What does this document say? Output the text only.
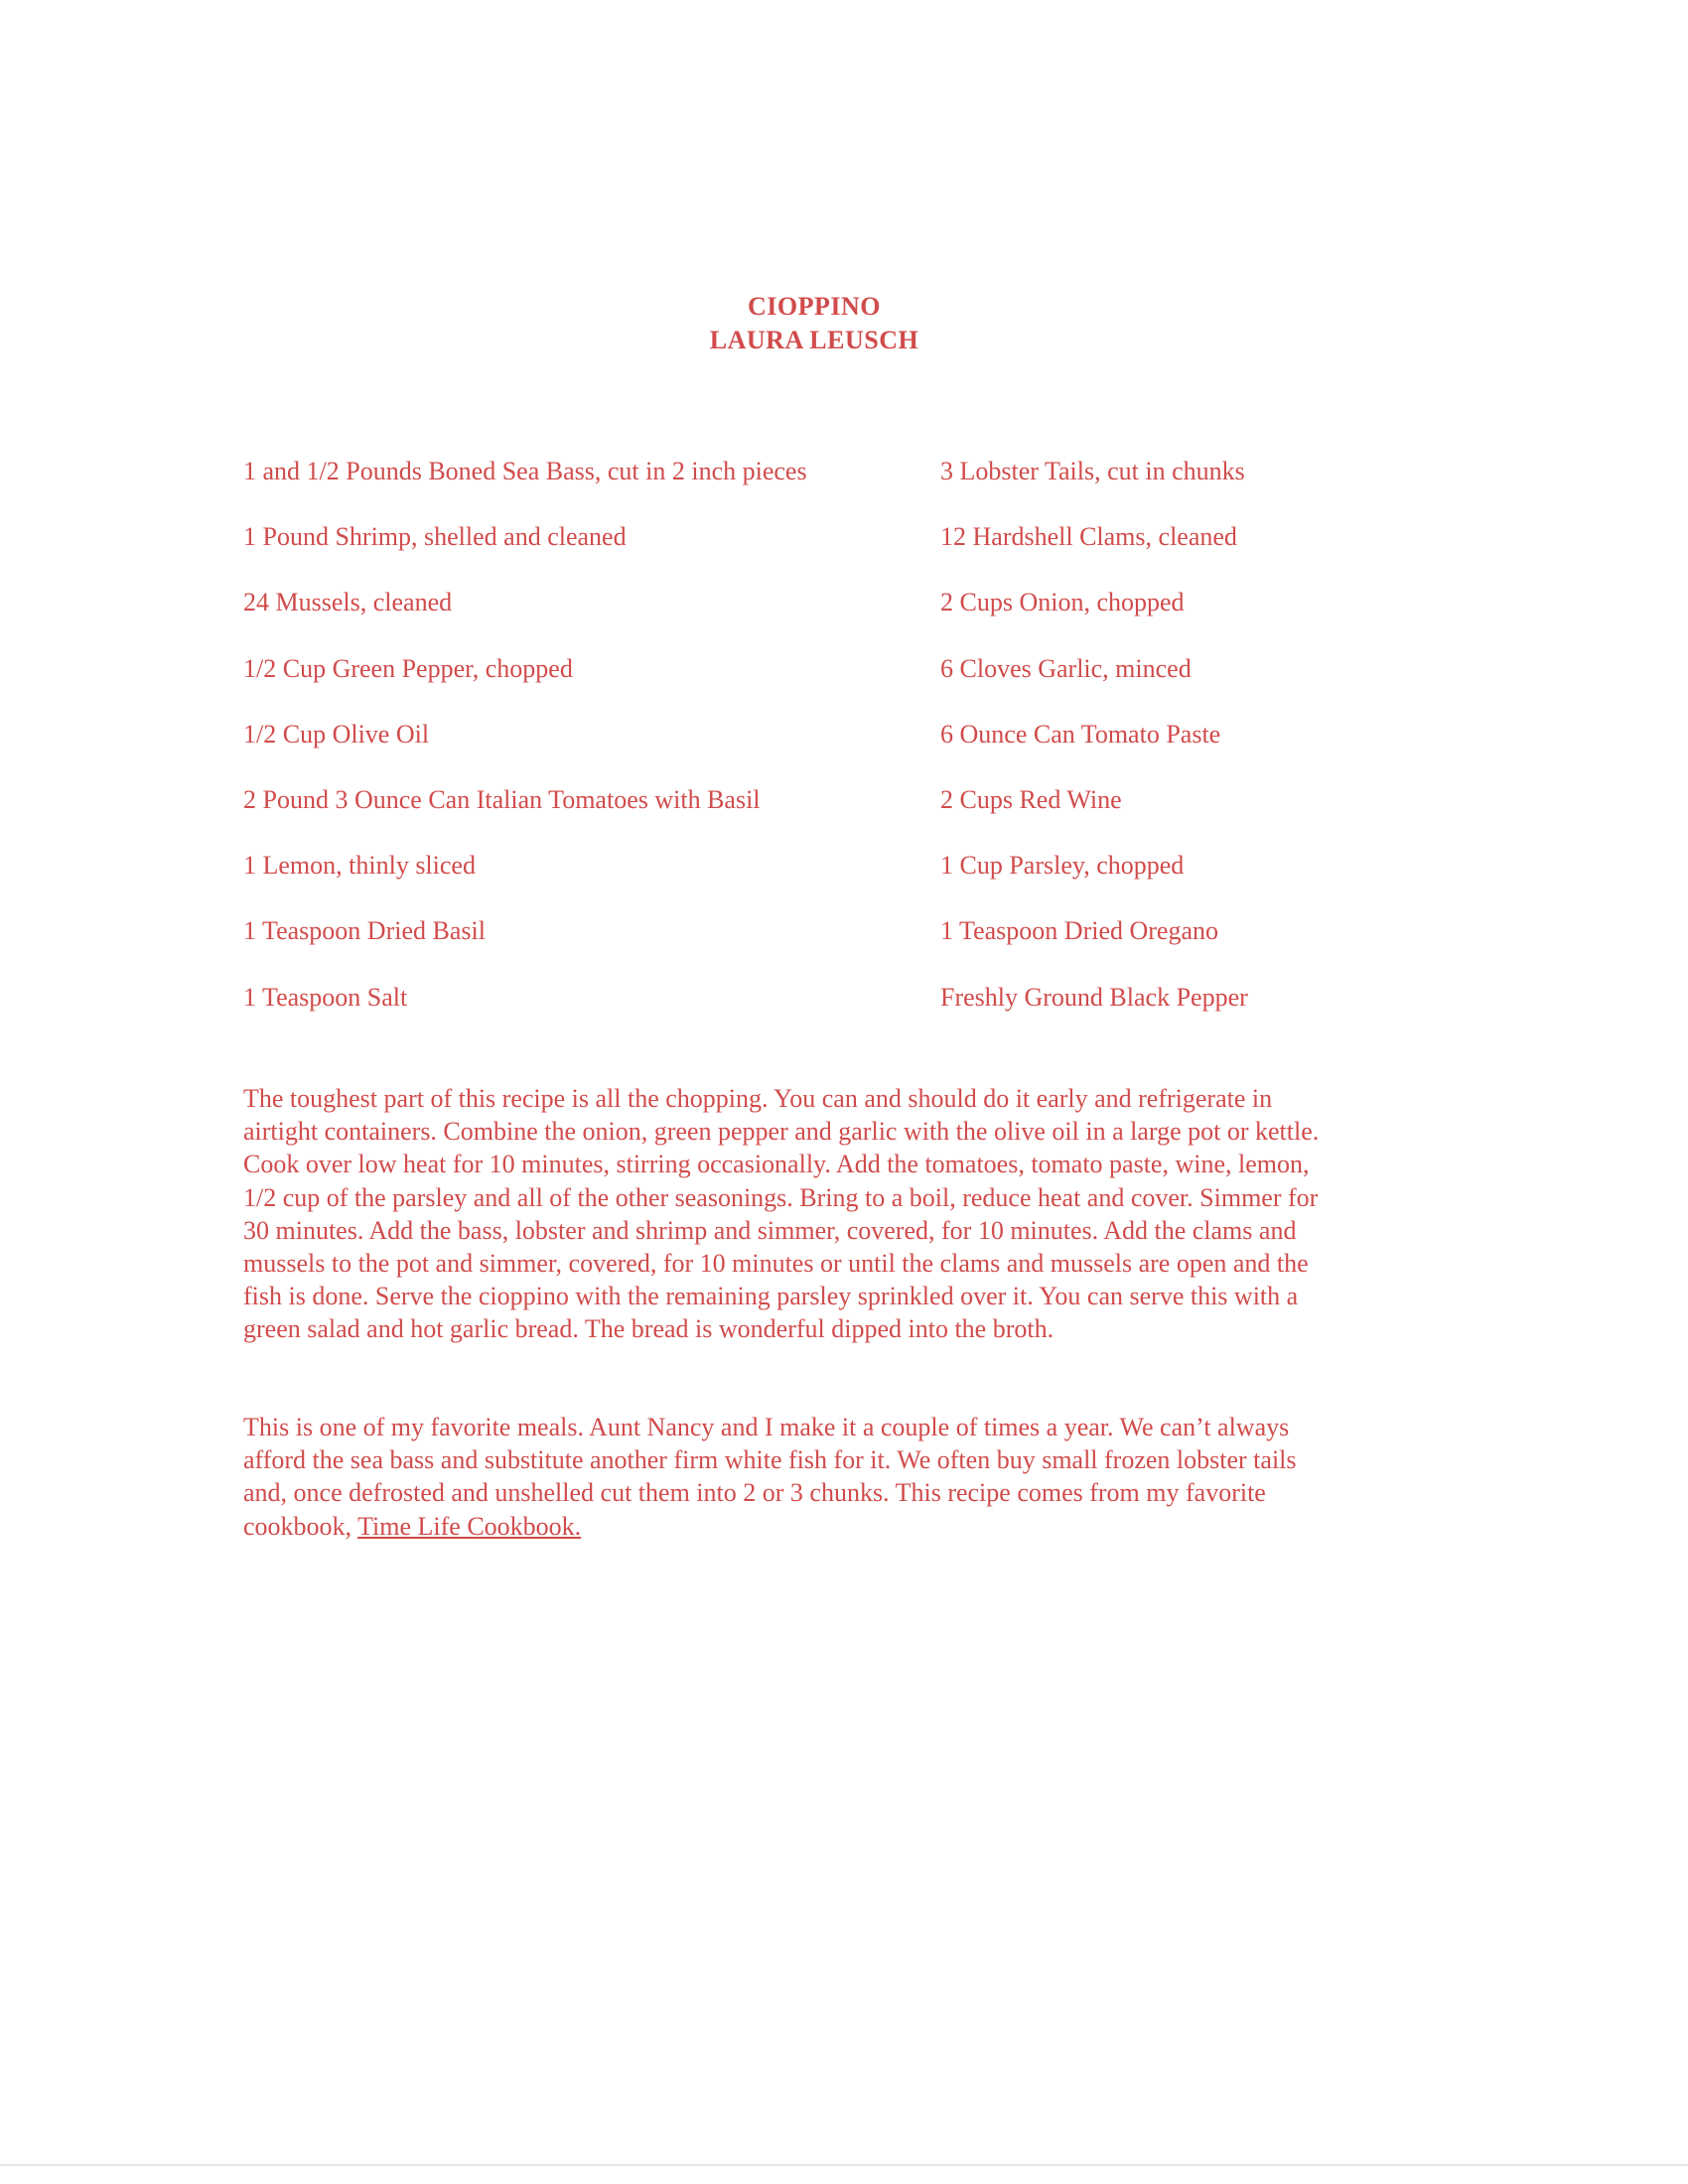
CIOPPINO
LAURA LEUSCH
1 and 1/2 Pounds Boned Sea Bass, cut in 2 inch pieces	3 Lobster Tails, cut in chunks
1 Pound Shrimp, shelled and cleaned	12 Hardshell Clams, cleaned
24 Mussels, cleaned	2 Cups Onion, chopped
1/2 Cup Green Pepper, chopped	6 Cloves Garlic, minced
1/2 Cup Olive Oil	6 Ounce Can Tomato Paste
2 Pound 3 Ounce Can Italian Tomatoes with Basil	2 Cups Red Wine
1 Lemon, thinly sliced	1 Cup Parsley, chopped
1 Teaspoon Dried Basil	1 Teaspoon Dried Oregano
1 Teaspoon Salt	Freshly Ground Black Pepper
The toughest part of this recipe is all the chopping. You can and should do it early and refrigerate in
airtight containers. Combine the onion, green pepper and garlic with the olive oil in a large pot or kettle.
Cook over low heat for 10 minutes, stirring occasionally. Add the tomatoes, tomato paste, wine, lemon,
1/2 cup of the parsley and all of the other seasonings. Bring to a boil, reduce heat and cover. Simmer for
30 minutes. Add the bass, lobster and shrimp and simmer, covered, for 10 minutes. Add the clams and
mussels to the pot and simmer, covered, for 10 minutes or until the clams and mussels are open and the
fish is done. Serve the cioppino with the remaining parsley sprinkled over it. You can serve this with a
green salad and hot garlic bread. The bread is wonderful dipped into the broth.
This is one of my favorite meals. Aunt Nancy and I make it a couple of times a year. We can’t always
afford the sea bass and substitute another firm white fish for it. We often buy small frozen lobster tails
and, once defrosted and unshelled cut them into 2 or 3 chunks. This recipe comes from my favorite
cookbook, Time Life Cookbook.
